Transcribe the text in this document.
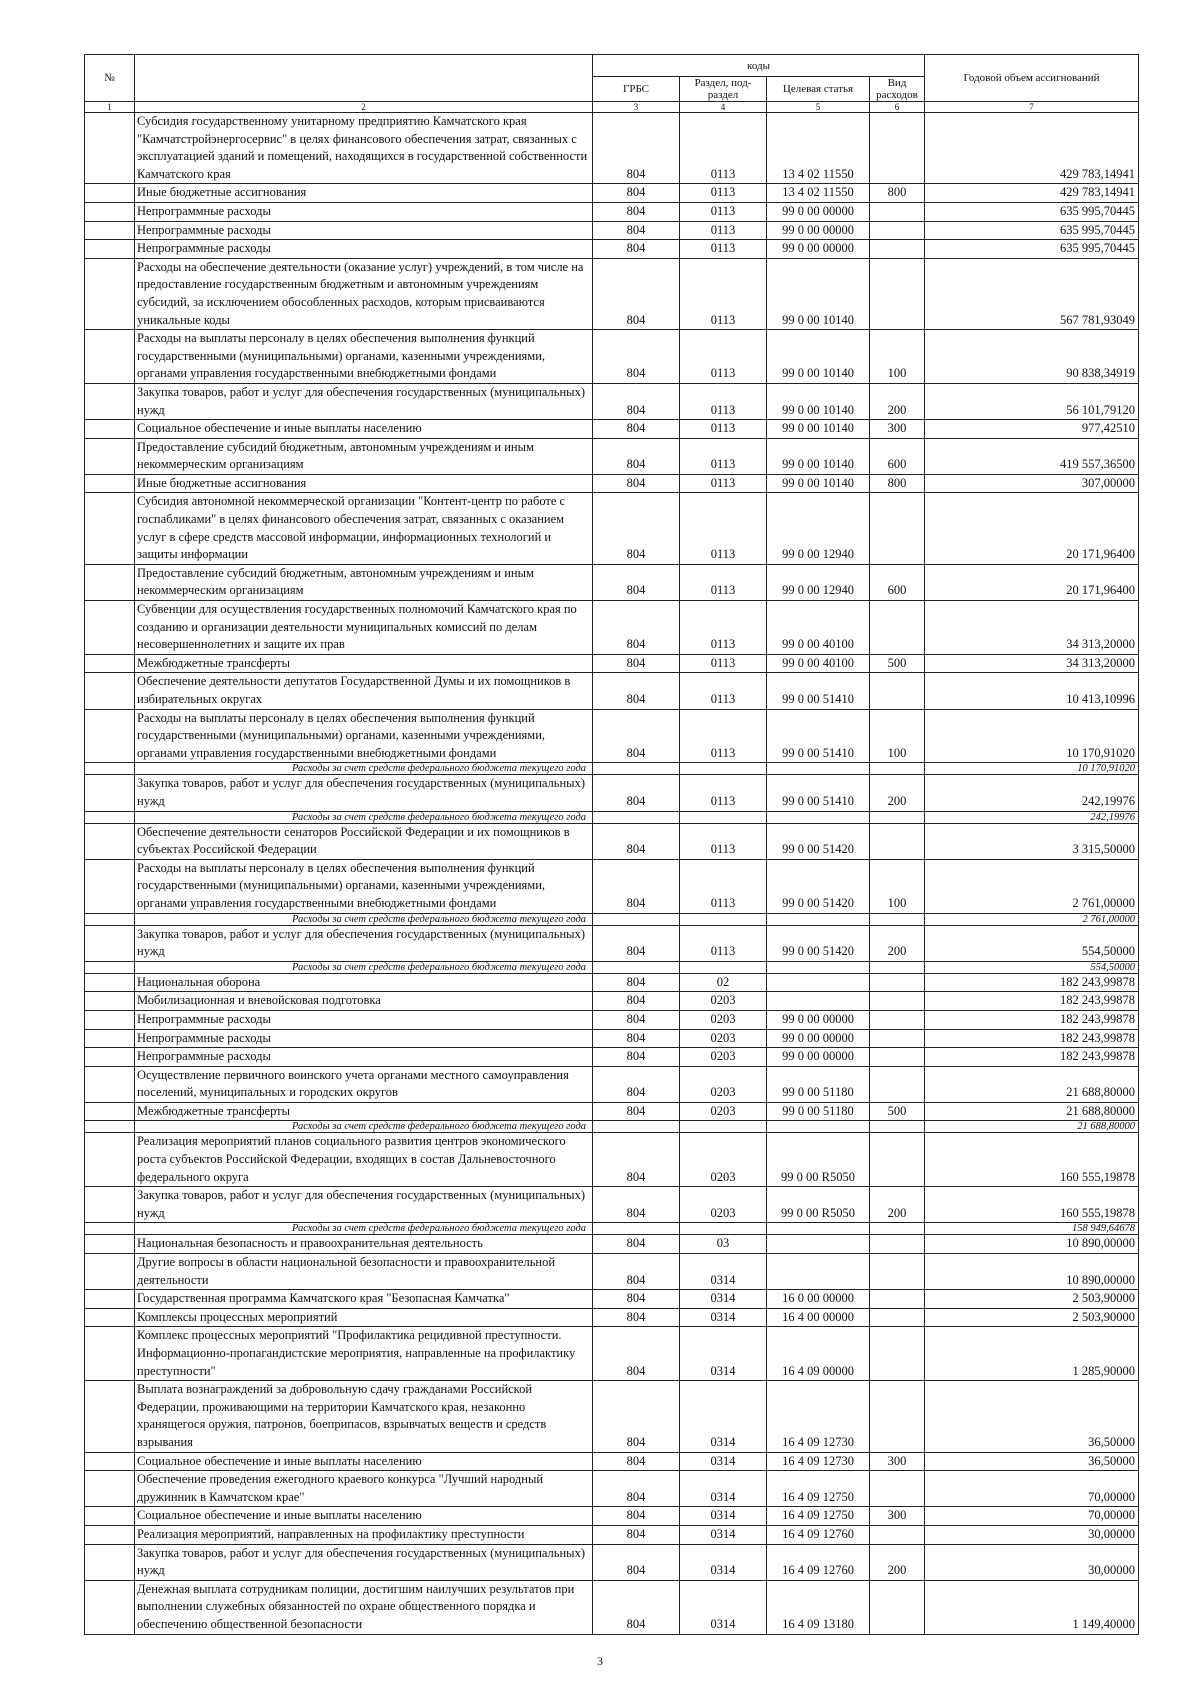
№		коды				Годовой объем ассигнований
		ГРБС	Раздел, под-раздел	Целевая статья	Вид расходов	
1	2	3	4	5	6	7
	Субсидия государственному унитарному предприятию Камчатского края "Камчатстройэнергосервис" в целях финансового обеспечения затрат, связанных с эксплуатацией зданий и помещений, находящихся в государственной собственности Камчатского края	804	0113	13 4 02 11550		429 783,14941
	Иные бюджетные ассигнования	804	0113	13 4 02 11550	800	429 783,14941
	Непрограммные расходы	804	0113	99 0 00 00000		635 995,70445
	Непрограммные расходы	804	0113	99 0 00 00000		635 995,70445
	Непрограммные расходы	804	0113	99 0 00 00000		635 995,70445
	Расходы на обеспечение деятельности (оказание услуг) учреждений, в том числе на предоставление государственным бюджетным и автономным учреждениям субсидий, за исключением обособленных расходов, которым присваиваются уникальные коды	804	0113	99 0 00 10140		567 781,93049
	Расходы на выплаты персоналу в целях обеспечения выполнения функций государственными (муниципальными) органами, казенными учреждениями, органами управления государственными внебюджетными фондами	804	0113	99 0 00 10140	100	90 838,34919
	Закупка товаров, работ и услуг для обеспечения государственных (муниципальных) нужд	804	0113	99 0 00 10140	200	56 101,79120
	Социальное обеспечение и иные выплаты населению	804	0113	99 0 00 10140	300	977,42510
	Предоставление субсидий бюджетным, автономным учреждениям и иным некоммерческим организациям	804	0113	99 0 00 10140	600	419 557,36500
	Иные бюджетные ассигнования	804	0113	99 0 00 10140	800	307,00000
	Субсидия автономной некоммерческой организации "Контент-центр по работе с госпабликами" в целях финансового обеспечения затрат, связанных с оказанием услуг в сфере средств массовой информации, информационных технологий и защиты информации	804	0113	99 0 00 12940		20 171,96400
	Предоставление субсидий бюджетным, автономным учреждениям и иным некоммерческим организациям	804	0113	99 0 00 12940	600	20 171,96400
	Субвенции для осуществления государственных полномочий Камчатского края по созданию и организации деятельности муниципальных комиссий по делам несовершеннолетних и защите их прав	804	0113	99 0 00 40100		34 313,20000
	Межбюджетные трансферты	804	0113	99 0 00 40100	500	34 313,20000
	Обеспечение деятельности депутатов Государственной Думы и их помощников в избирательных округах	804	0113	99 0 00 51410		10 413,10996
	Расходы на выплаты персоналу в целях обеспечения выполнения функций государственными (муниципальными) органами, казенными учреждениями, органами управления государственными внебюджетными фондами	804	0113	99 0 00 51410	100	10 170,91020
	Расходы за счет средств федерального бюджета текущего года					10 170,91020
	Закупка товаров, работ и услуг для обеспечения государственных (муниципальных) нужд	804	0113	99 0 00 51410	200	242,19976
	Расходы за счет средств федерального бюджета текущего года					242,19976
	Обеспечение деятельности сенаторов Российской Федерации и их помощников в субъектах Российской Федерации	804	0113	99 0 00 51420		3 315,50000
	Расходы на выплаты персоналу в целях обеспечения выполнения функций государственными (муниципальными) органами, казенными учреждениями, органами управления государственными внебюджетными фондами	804	0113	99 0 00 51420	100	2 761,00000
	Расходы за счет средств федерального бюджета текущего года					2 761,00000
	Закупка товаров, работ и услуг для обеспечения государственных (муниципальных) нужд	804	0113	99 0 00 51420	200	554,50000
	Расходы за счет средств федерального бюджета текущего года					554,50000
	Национальная оборона	804	02			182 243,99878
	Мобилизационная и вневойсковая подготовка	804	0203			182 243,99878
	Непрограммные расходы	804	0203	99 0 00 00000		182 243,99878
	Непрограммные расходы	804	0203	99 0 00 00000		182 243,99878
	Непрограммные расходы	804	0203	99 0 00 00000		182 243,99878
	Осуществление первичного воинского учета органами местного самоуправления поселений, муниципальных и городских округов	804	0203	99 0 00 51180		21 688,80000
	Межбюджетные трансферты	804	0203	99 0 00 51180	500	21 688,80000
	Расходы за счет средств федерального бюджета текущего года					21 688,80000
	Реализация мероприятий планов социального развития центров экономического роста субъектов Российской Федерации, входящих в состав Дальневосточного федерального округа	804	0203	99 0 00 R5050		160 555,19878
	Закупка товаров, работ и услуг для обеспечения государственных (муниципальных) нужд	804	0203	99 0 00 R5050	200	160 555,19878
	Расходы за счет средств федерального бюджета текущего года					158 949,64678
	Национальная безопасность и правоохранительная деятельность	804	03			10 890,00000
	Другие вопросы в области национальной безопасности и правоохранительной деятельности	804	0314			10 890,00000
	Государственная программа Камчатского края "Безопасная Камчатка"	804	0314	16 0 00 00000		2 503,90000
	Комплексы процессных мероприятий	804	0314	16 4 00 00000		2 503,90000
	Комплекс процессных мероприятий "Профилактика рецидивной преступности. Информационно-пропагандистские мероприятия, направленные на профилактику преступности"	804	0314	16 4 09 00000		1 285,90000
	Выплата вознаграждений за добровольную сдачу гражданами Российской Федерации, проживающими на территории Камчатского края, незаконно хранящегося оружия, патронов, боеприпасов, взрывчатых веществ и средств взрывания	804	0314	16 4 09 12730		36,50000
	Социальное обеспечение и иные выплаты населению	804	0314	16 4 09 12730	300	36,50000
	Обеспечение проведения ежегодного краевого конкурса "Лучший народный дружинник в Камчатском крае"	804	0314	16 4 09 12750		70,00000
	Социальное обеспечение и иные выплаты населению	804	0314	16 4 09 12750	300	70,00000
	Реализация мероприятий, направленных на профилактику преступности	804	0314	16 4 09 12760		30,00000
	Закупка товаров, работ и услуг для обеспечения государственных (муниципальных) нужд	804	0314	16 4 09 12760	200	30,00000
	Денежная выплата сотрудникам полиции, достигшим наилучших результатов при выполнении служебных обязанностей по охране общественного порядка и обеспечению общественной безопасности	804	0314	16 4 09 13180		1 149,40000
3
